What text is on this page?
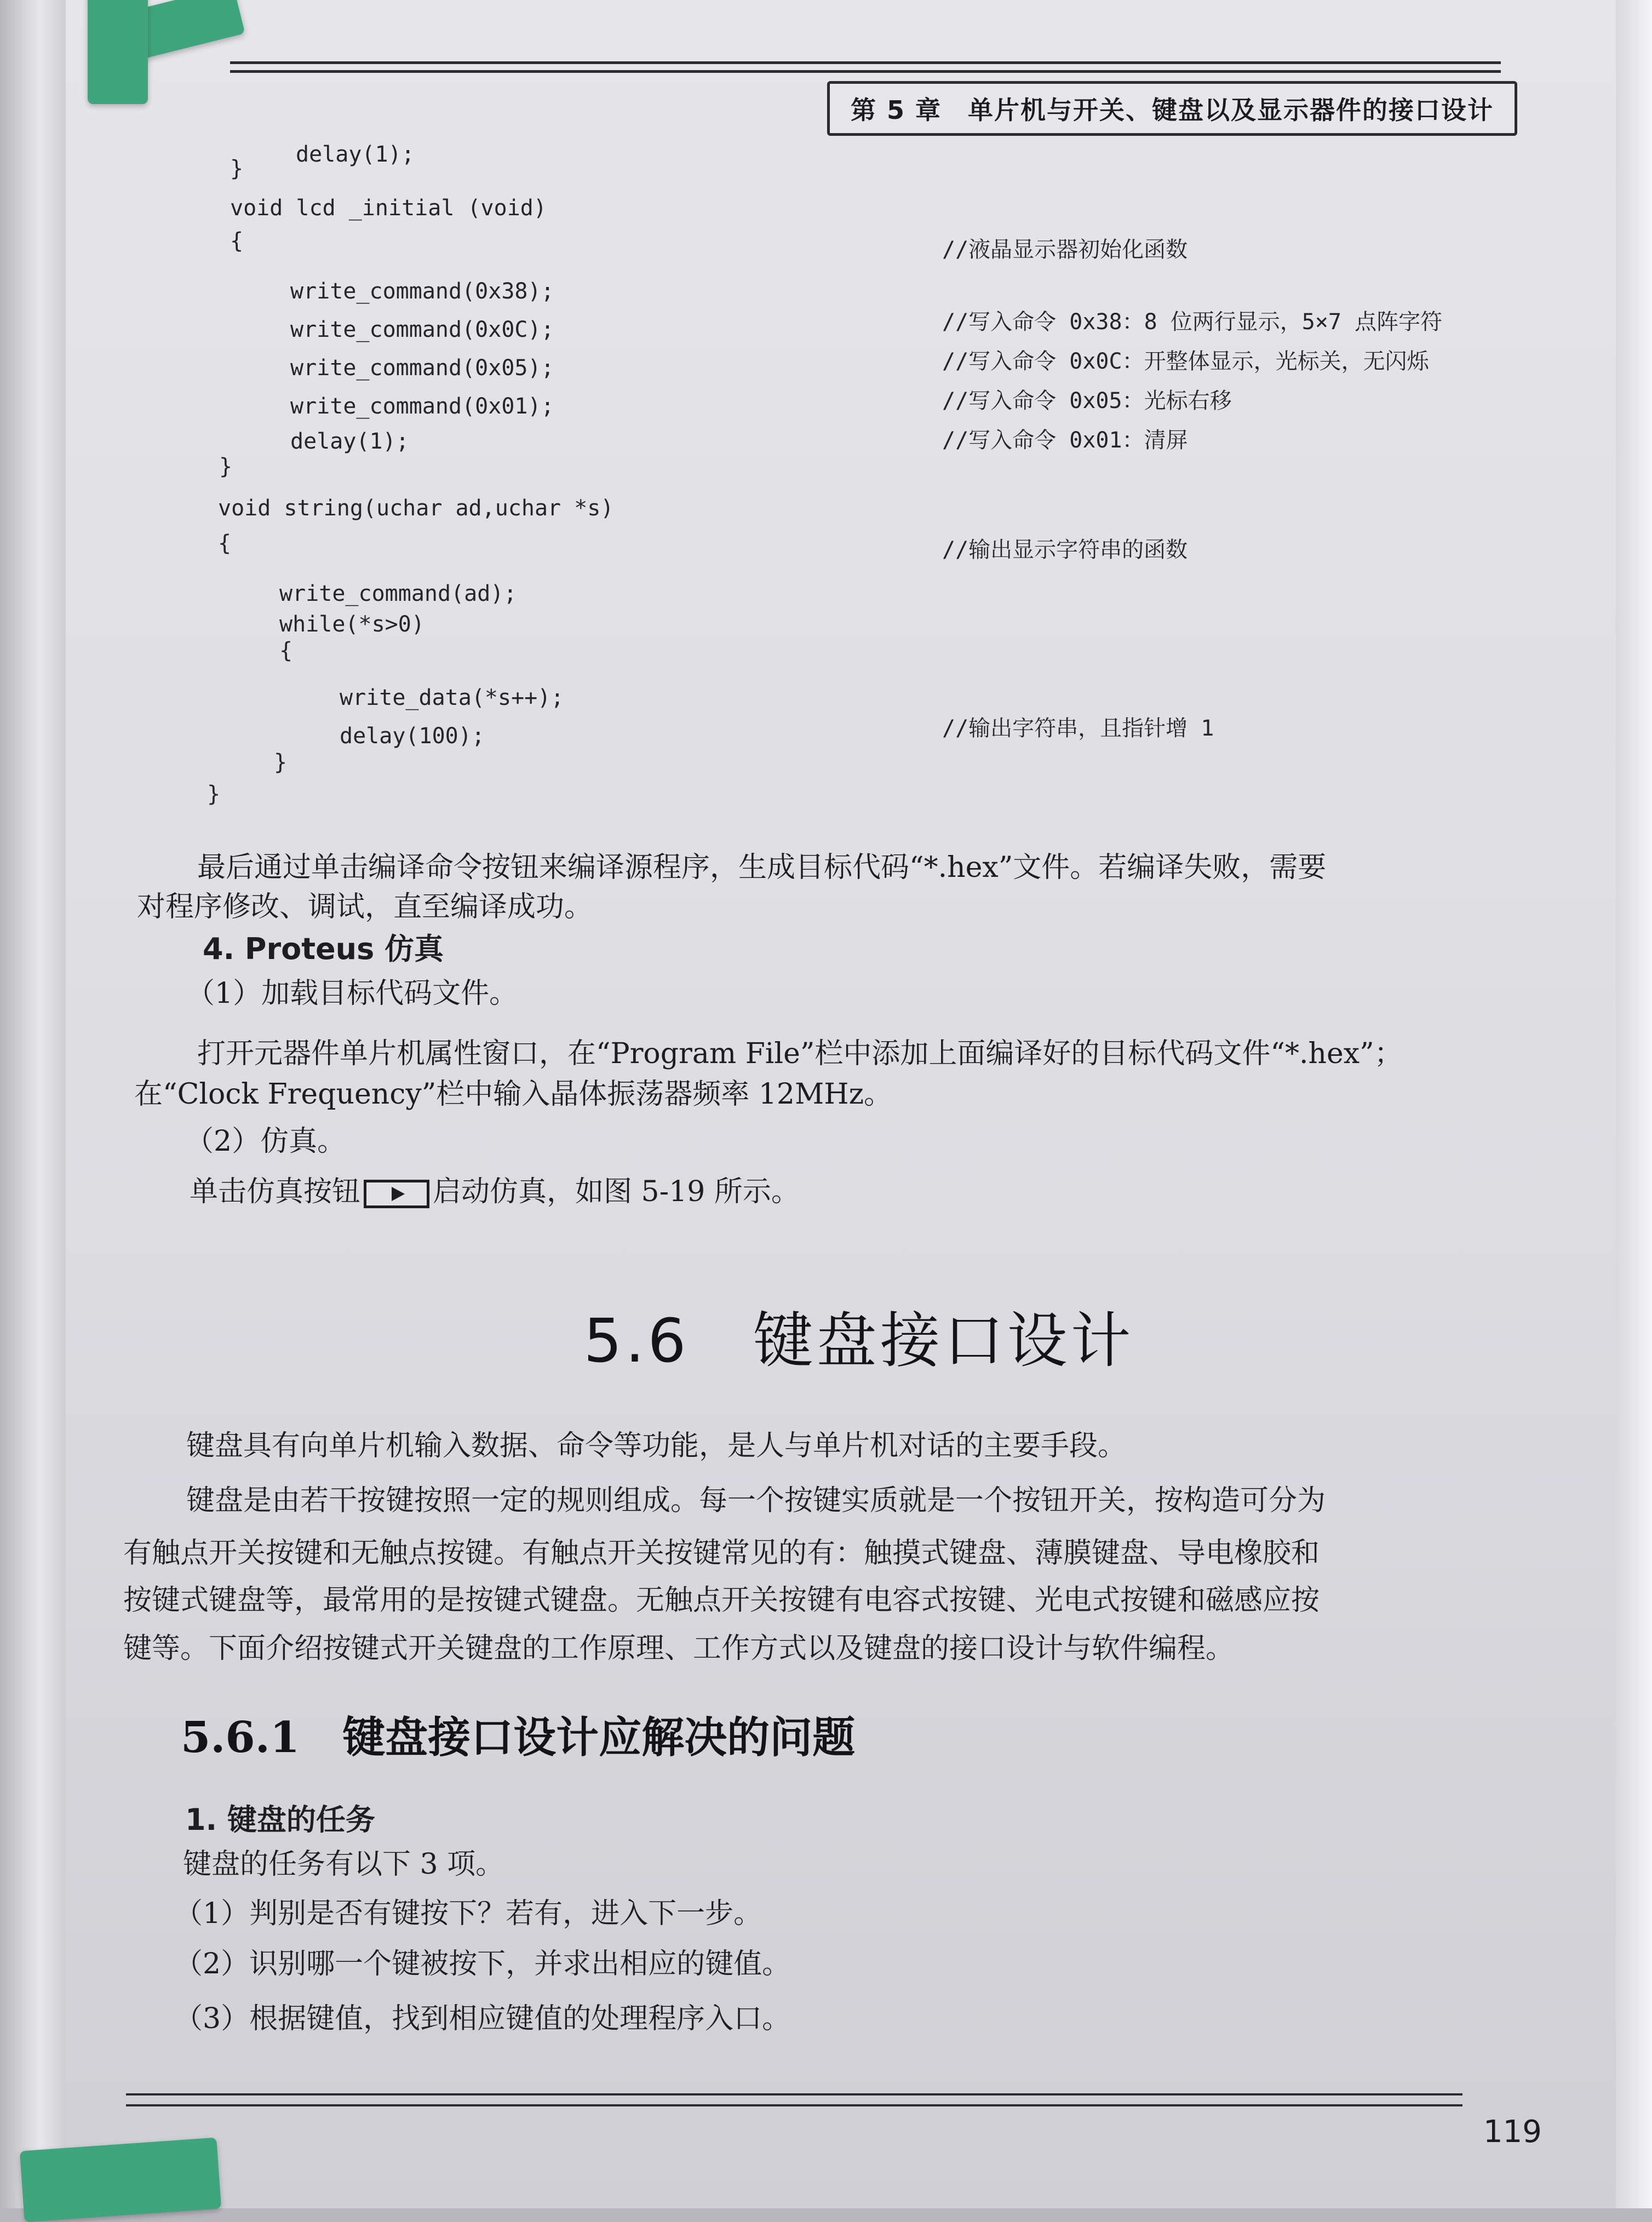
第 5 章　单片机与开关、键盘以及显示器件的接口设计
delay(1);
}
void lcd _initial (void)
{
write_command(0x38);
write_command(0x0C);
write_command(0x05);
write_command(0x01);
delay(1);
}
void string(uchar ad,uchar *s)
{
write_command(ad);
while(*s>0)
{
write_data(*s++);
delay(100);
}
}
//液晶显示器初始化函数
//写入命令 0x38：8 位两行显示，5×7 点阵字符
//写入命令 0x0C：开整体显示，光标关，无闪烁
//写入命令 0x05：光标右移
//写入命令 0x01：清屏
//输出显示字符串的函数
//输出字符串，且指针增 1
最后通过单击编译命令按钮来编译源程序，生成目标代码“*.hex”文件。若编译失败，需要
对程序修改、调试，直至编译成功。
4. Proteus 仿真
（1）加载目标代码文件。
打开元器件单片机属性窗口，在“Program File”栏中添加上面编译好的目标代码文件“*.hex”；
在“Clock Frequency”栏中输入晶体振荡器频率 12MHz。
（2）仿真。
单击仿真按钮	启动仿真，如图 5-19 所示。
5.6　键盘接口设计
键盘具有向单片机输入数据、命令等功能，是人与单片机对话的主要手段。
键盘是由若干按键按照一定的规则组成。每一个按键实质就是一个按钮开关，按构造可分为
有触点开关按键和无触点按键。有触点开关按键常见的有：触摸式键盘、薄膜键盘、导电橡胶和
按键式键盘等，最常用的是按键式键盘。无触点开关按键有电容式按键、光电式按键和磁感应按
键等。下面介绍按键式开关键盘的工作原理、工作方式以及键盘的接口设计与软件编程。
5.6.1　键盘接口设计应解决的问题
1. 键盘的任务
键盘的任务有以下 3 项。
（1）判别是否有键按下？若有，进入下一步。
（2）识别哪一个键被按下，并求出相应的键值。
（3）根据键值，找到相应键值的处理程序入口。
119
